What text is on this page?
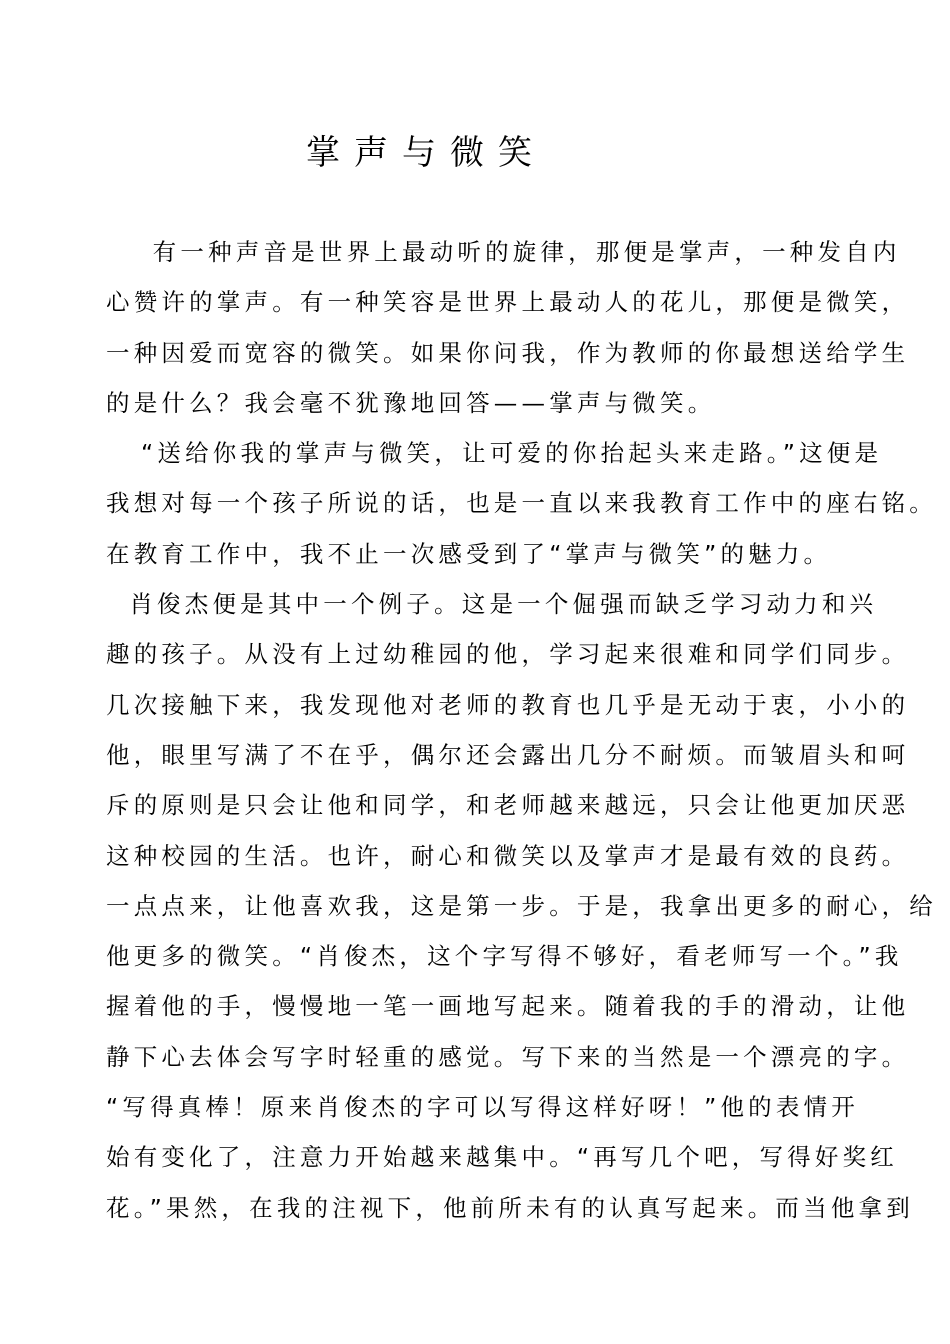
掌声与微笑
有一种声音是世界上最动听的旋律，那便是掌声，一种发自内
心赞许的掌声。有一种笑容是世界上最动人的花儿，那便是微笑，
一种因爱而宽容的微笑。如果你问我，作为教师的你最想送给学生
的是什么？我会毫不犹豫地回答——掌声与微笑。
“送给你我的掌声与微笑，让可爱的你抬起头来走路。”这便是
我想对每一个孩子所说的话，也是一直以来我教育工作中的座右铭。
在教育工作中，我不止一次感受到了“掌声与微笑”的魅力。
肖俊杰便是其中一个例子。这是一个倔强而缺乏学习动力和兴
趣的孩子。从没有上过幼稚园的他，学习起来很难和同学们同步。
几次接触下来，我发现他对老师的教育也几乎是无动于衷，小小的
他，眼里写满了不在乎，偶尔还会露出几分不耐烦。而皱眉头和呵
斥的原则是只会让他和同学，和老师越来越远，只会让他更加厌恶
这种校园的生活。也许，耐心和微笑以及掌声才是最有效的良药。
一点点来，让他喜欢我，这是第一步。于是，我拿出更多的耐心，给
他更多的微笑。“肖俊杰，这个字写得不够好，看老师写一个。”我
握着他的手，慢慢地一笔一画地写起来。随着我的手的滑动，让他
静下心去体会写字时轻重的感觉。写下来的当然是一个漂亮的字。
“写得真棒！原来肖俊杰的字可以写得这样好呀！”他的表情开
始有变化了，注意力开始越来越集中。“再写几个吧，写得好奖红
花。”果然，在我的注视下，他前所未有的认真写起来。而当他拿到
